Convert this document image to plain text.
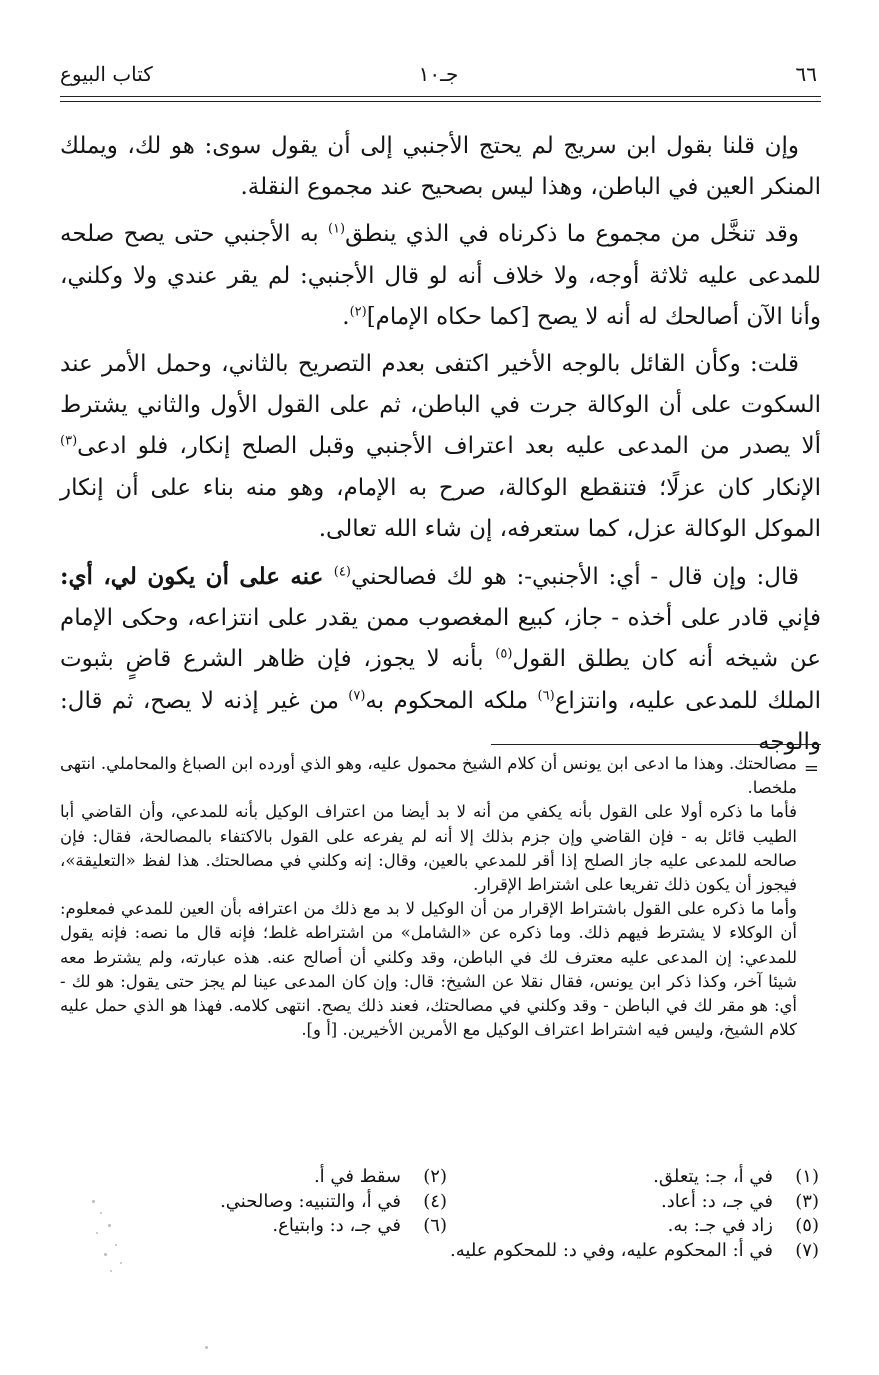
٦٦
جـ١٠
كتاب البيوع

وإن قلنا بقول ابن سريج لم يحتج الأجنبي إلى أن يقول سوى: هو لك، ويملك المنكر العين في الباطن، وهذا ليس بصحيح عند مجموع النقلة.

وقد تنخَّل من مجموع ما ذكرناه في الذي ينطق$^{(١)}$ به الأجنبي حتى يصح صلحه للمدعى عليه ثلاثة أوجه، ولا خلاف أنه لو قال الأجنبي: لم يقر عندي ولا وكلني، وأنا الآن أصالحك له أنه لا يصح [كما حكاه الإمام]$^{(٢)}$.

قلت: وكأن القائل بالوجه الأخير اكتفى بعدم التصريح بالثاني، وحمل الأمر عند السكوت على أن الوكالة جرت في الباطن، ثم على القول الأول والثاني يشترط ألا يصدر من المدعى عليه بعد اعتراف الأجنبي وقبل الصلح إنكار، فلو ادعى$^{(٣)}$ الإنكار كان عزلًا؛ فتنقطع الوكالة، صرح به الإمام، وهو منه بناء على أن إنكار الموكل الوكالة عزل، كما ستعرفه، إن شاء الله تعالى.

قال: وإن قال - أي: الأجنبي-: هو لك فصالحني$^{(٤)}$ عنه على أن يكون لي، أي: فإني قادر على أخذه - جاز، كبيع المغصوب ممن يقدر على انتزاعه، وحكى الإمام عن شيخه أنه كان يطلق القول$^{(٥)}$ بأنه لا يجوز، فإن ظاهر الشرع قاضٍ بثبوت الملك للمدعى عليه، وانتزاع$^{(٦)}$ ملكه المحكوم به$^{(٧)}$ من غير إذنه لا يصح، ثم قال: والوجه

=

مصالحتك. وهذا ما ادعى ابن يونس أن كلام الشيخ محمول عليه، وهو الذي أورده ابن الصباغ والمحاملي. انتهى ملخصا.

فأما ما ذكره أولا على القول بأنه يكفي من أنه لا بد أيضا من اعتراف الوكيل بأنه للمدعي، وأن القاضي أبا الطيب قائل به - فإن القاضي وإن جزم بذلك إلا أنه لم يفرعه على القول بالاكتفاء بالمصالحة، فقال: فإن صالحه للمدعى عليه جاز الصلح إذا أقر للمدعي بالعين، وقال: إنه وكلني في مصالحتك. هذا لفظ «التعليقة»، فيجوز أن يكون ذلك تفريعا على اشتراط الإقرار.

وأما ما ذكره على القول باشتراط الإقرار من أن الوكيل لا بد مع ذلك من اعترافه بأن العين للمدعي فمعلوم: أن الوكلاء لا يشترط فيهم ذلك. وما ذكره عن «الشامل» من اشتراطه غلط؛ فإنه قال ما نصه: فإنه يقول للمدعي: إن المدعى عليه معترف لك في الباطن، وقد وكلني أن أصالح عنه. هذه عبارته، ولم يشترط معه شيئا آخر، وكذا ذكر ابن يونس، فقال نقلا عن الشيخ: قال: وإن كان المدعى عينا لم يجز حتى يقول: هو لك - أي: هو مقر لك في الباطن - وقد وكلني في مصالحتك، فعند ذلك يصح. انتهى كلامه. فهذا هو الذي حمل عليه كلام الشيخ، وليس فيه اشتراط اعتراف الوكيل مع الأمرين الأخيرين. [أ و].

(١)في أ، جـ: يتعلق.
(٢)سقط في أ.
(٣)في جـ، د: أعاد.
(٤)في أ، والتنبيه: وصالحني.
(٥)زاد في جـ: به.
(٦)في جـ، د: وابتياع.
(٧)في أ: المحكوم عليه، وفي د: للمحكوم عليه.
